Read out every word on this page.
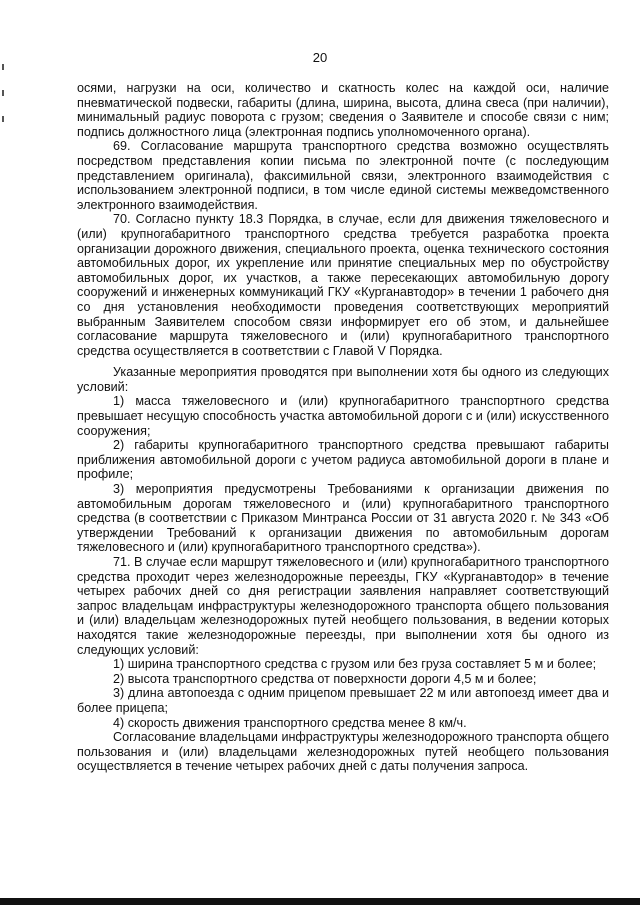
20

осями, нагрузки на оси, количество и скатность колес на каждой оси, наличие пневматической подвески, габариты (длина, ширина, высота, длина свеса (при наличии), минимальный радиус поворота с грузом; сведения о Заявителе и способе связи с ним; подпись должностного лица (электронная подпись уполномоченного органа).

69. Согласование маршрута транспортного средства возможно осуществлять посредством представления копии письма по электронной почте (с последующим представлением оригинала), факсимильной связи, электронного взаимодействия с использованием электронной подписи, в том числе единой системы межведомственного электронного взаимодействия.

70. Согласно пункту 18.3 Порядка, в случае, если для движения тяжеловесного и (или) крупногабаритного транспортного средства требуется разработка проекта организации дорожного движения, специального проекта, оценка технического состояния автомобильных дорог, их укрепление или принятие специальных мер по обустройству автомобильных дорог, их участков, а также пересекающих автомобильную дорогу сооружений и инженерных коммуникаций ГКУ «Курганавтодор» в течении 1 рабочего дня со дня установления необходимости проведения соответствующих мероприятий выбранным Заявителем способом связи информирует его об этом, и дальнейшее согласование маршрута тяжеловесного и (или) крупногабаритного транспортного средства осуществляется в соответствии с Главой V Порядка.

Указанные мероприятия проводятся при выполнении хотя бы одного из следующих условий:

1) масса тяжеловесного и (или) крупногабаритного транспортного средства превышает несущую способность участка автомобильной дороги с и (или) искусственного сооружения;

2) габариты крупногабаритного транспортного средства превышают габариты приближения автомобильной дороги с учетом радиуса автомобильной дороги в плане и профиле;

3) мероприятия предусмотрены Требованиями к организации движения по автомобильным дорогам тяжеловесного и (или) крупногабаритного транспортного средства (в соответствии с Приказом Минтранса России от 31 августа 2020 г. № 343 «Об утверждении Требований к организации движения по автомобильным дорогам тяжеловесного и (или) крупногабаритного транспортного средства»).

71. В случае если маршрут тяжеловесного и (или) крупногабаритного транспортного средства проходит через железнодорожные переезды, ГКУ «Курганавтодор» в течение четырех рабочих дней со дня регистрации заявления направляет соответствующий запрос владельцам инфраструктуры железнодорожного транспорта общего пользования и (или) владельцам железнодорожных путей необщего пользования, в ведении которых находятся такие железнодорожные переезды, при выполнении хотя бы одного из следующих условий:

1) ширина транспортного средства с грузом или без груза составляет 5 м и более;

2) высота транспортного средства от поверхности дороги 4,5 м и более;

3) длина автопоезда с одним прицепом превышает 22 м или автопоезд имеет два и более прицепа;

4) скорость движения транспортного средства менее 8 км/ч.

Согласование владельцами инфраструктуры железнодорожного транспорта общего пользования и (или) владельцами железнодорожных путей необщего пользования осуществляется в течение четырех рабочих дней с даты получения запроса.
